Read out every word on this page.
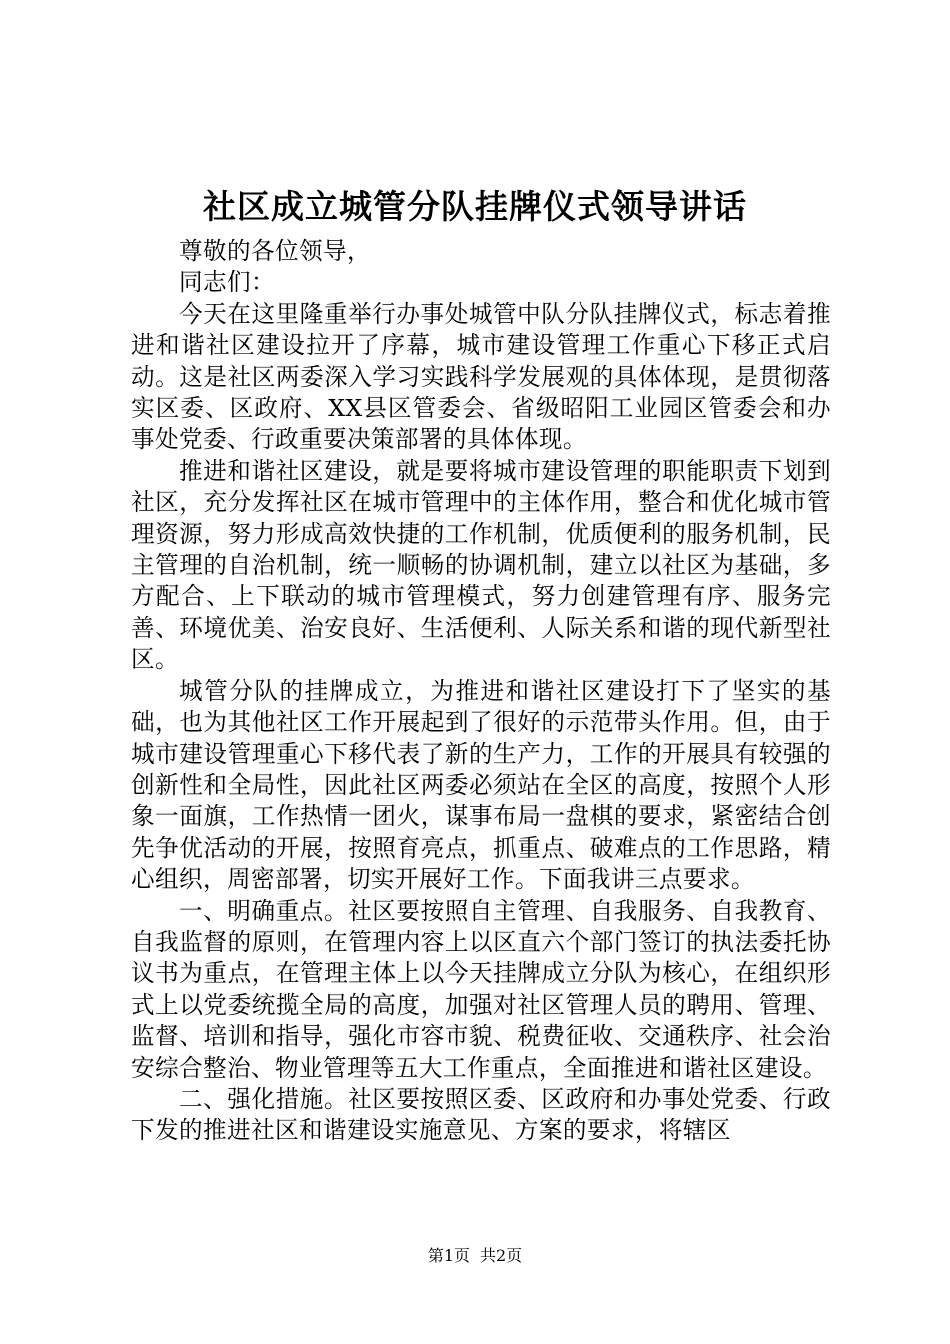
社区成立城管分队挂牌仪式领导讲话

尊敬的各位领导，

同志们：

今天在这里隆重举行办事处城管中队分队挂牌仪式，标志着推进和谐社区建设拉开了序幕，城市建设管理工作重心下移正式启动。这是社区两委深入学习实践科学发展观的具体体现，是贯彻落实区委、区政府、XX县区管委会、省级昭阳工业园区管委会和办事处党委、行政重要决策部署的具体体现。

推进和谐社区建设，就是要将城市建设管理的职能职责下划到社区，充分发挥社区在城市管理中的主体作用，整合和优化城市管理资源，努力形成高效快捷的工作机制，优质便利的服务机制，民主管理的自治机制，统一顺畅的协调机制，建立以社区为基础，多方配合、上下联动的城市管理模式，努力创建管理有序、服务完善、环境优美、治安良好、生活便利、人际关系和谐的现代新型社区。

城管分队的挂牌成立，为推进和谐社区建设打下了坚实的基础，也为其他社区工作开展起到了很好的示范带头作用。但，由于城市建设管理重心下移代表了新的生产力，工作的开展具有较强的创新性和全局性，因此社区两委必须站在全区的高度，按照个人形象一面旗，工作热情一团火，谋事布局一盘棋的要求，紧密结合创先争优活动的开展，按照育亮点，抓重点、破难点的工作思路，精心组织，周密部署，切实开展好工作。下面我讲三点要求。

一、明确重点。社区要按照自主管理、自我服务、自我教育、自我监督的原则，在管理内容上以区直六个部门签订的执法委托协议书为重点，在管理主体上以今天挂牌成立分队为核心，在组织形式上以党委统揽全局的高度，加强对社区管理人员的聘用、管理、监督、培训和指导，强化市容市貌、税费征收、交通秩序、社会治安综合整治、物业管理等五大工作重点，全面推进和谐社区建设。

二、强化措施。社区要按照区委、区政府和办事处党委、行政下发的推进社区和谐建设实施意见、方案的要求，将辖区

第1页 共2页
